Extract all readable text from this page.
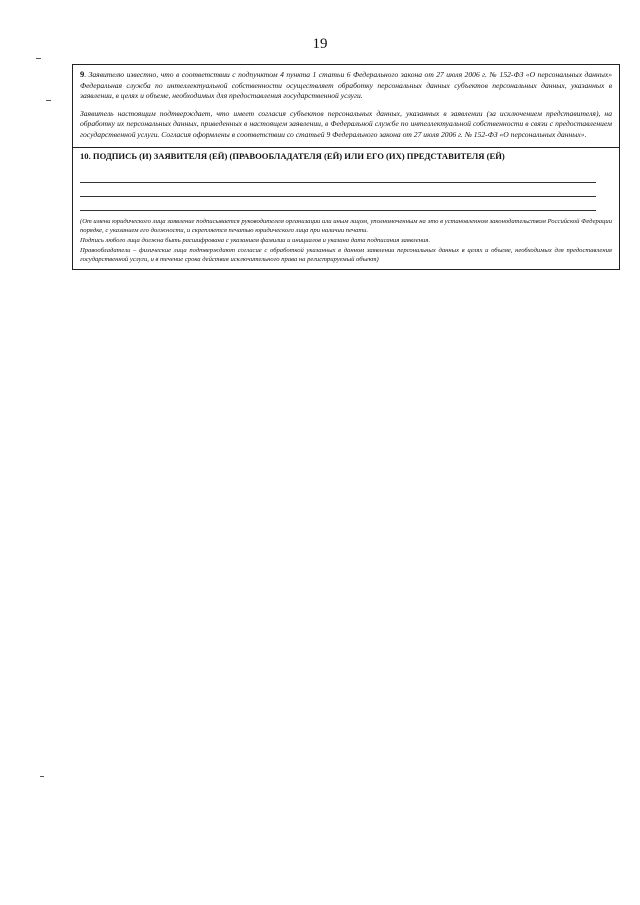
19

9. Заявителю известно, что в соответствии с подпунктом 4 пункта 1 статьи 6 Федерального закона от 27 июля 2006 г. № 152-ФЗ «О персональных данных» Федеральная служба по интеллектуальной собственности осуществляет обработку персональных данных субъектов персональных данных, указанных в заявлении, в целях и объеме, необходимых для предоставления государственной услуги.

Заявитель настоящим подтверждает, что имеет согласия субъектов персональных данных, указанных в заявлении (за исключением представителя), на обработку их персональных данных, приведенных в настоящем заявлении, в Федеральной службе по интеллектуальной собственности в связи с предоставлением государственной услуги. Согласия оформлены в соответствии со статьей 9 Федерального закона от 27 июля 2006 г. № 152-ФЗ «О персональных данных».

10. ПОДПИСЬ (И) ЗАЯВИТЕЛЯ (ЕЙ) (ПРАВООБЛАДАТЕЛЯ (ЕЙ) ИЛИ ЕГО (ИХ) ПРЕДСТАВИТЕЛЯ (ЕЙ)

(От имени юридического лица заявление подписывается руководителем организации или иным лицом, уполномоченным на это в установленном законодательством Российской Федерации порядке, с указанием его должности, и скрепляется печатью юридического лица при наличии печати.

Подпись любого лица должна быть расшифрована с указанием фамилии и инициалов и указана дата подписания заявления.

Правообладатели – физические лица подтверждают согласие с обработкой указанных в данном заявлении персональных данных в целях и объеме, необходимых для предоставления государственной услуги, и в течение срока действия исключительного права на регистрируемый объект)
